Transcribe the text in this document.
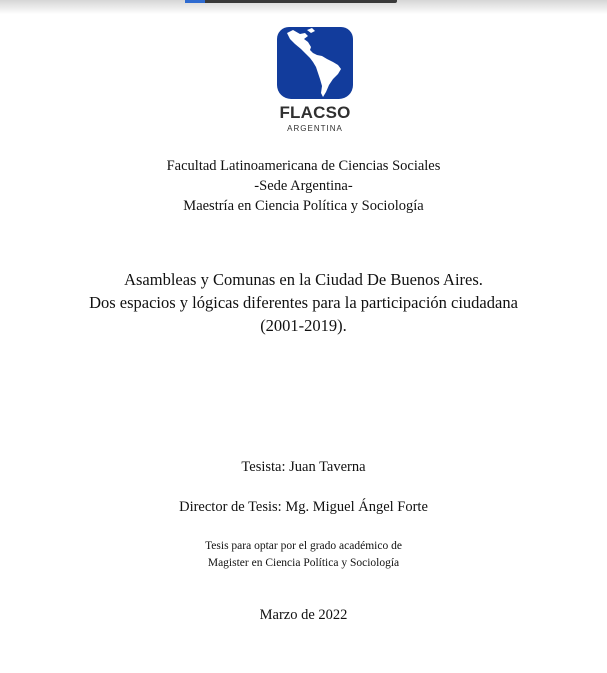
FLACSO
ARGENTINA
Facultad Latinoamericana de Ciencias Sociales
-Sede Argentina-
Maestría en Ciencia Política y Sociología
Asambleas y Comunas en la Ciudad De Buenos Aires.
Dos espacios y lógicas diferentes para la participación ciudadana
(2001-2019).
Tesista: Juan Taverna
Director de Tesis: Mg. Miguel Ángel Forte
Tesis para optar por el grado académico de
Magister en Ciencia Política y Sociología
Marzo de 2022
